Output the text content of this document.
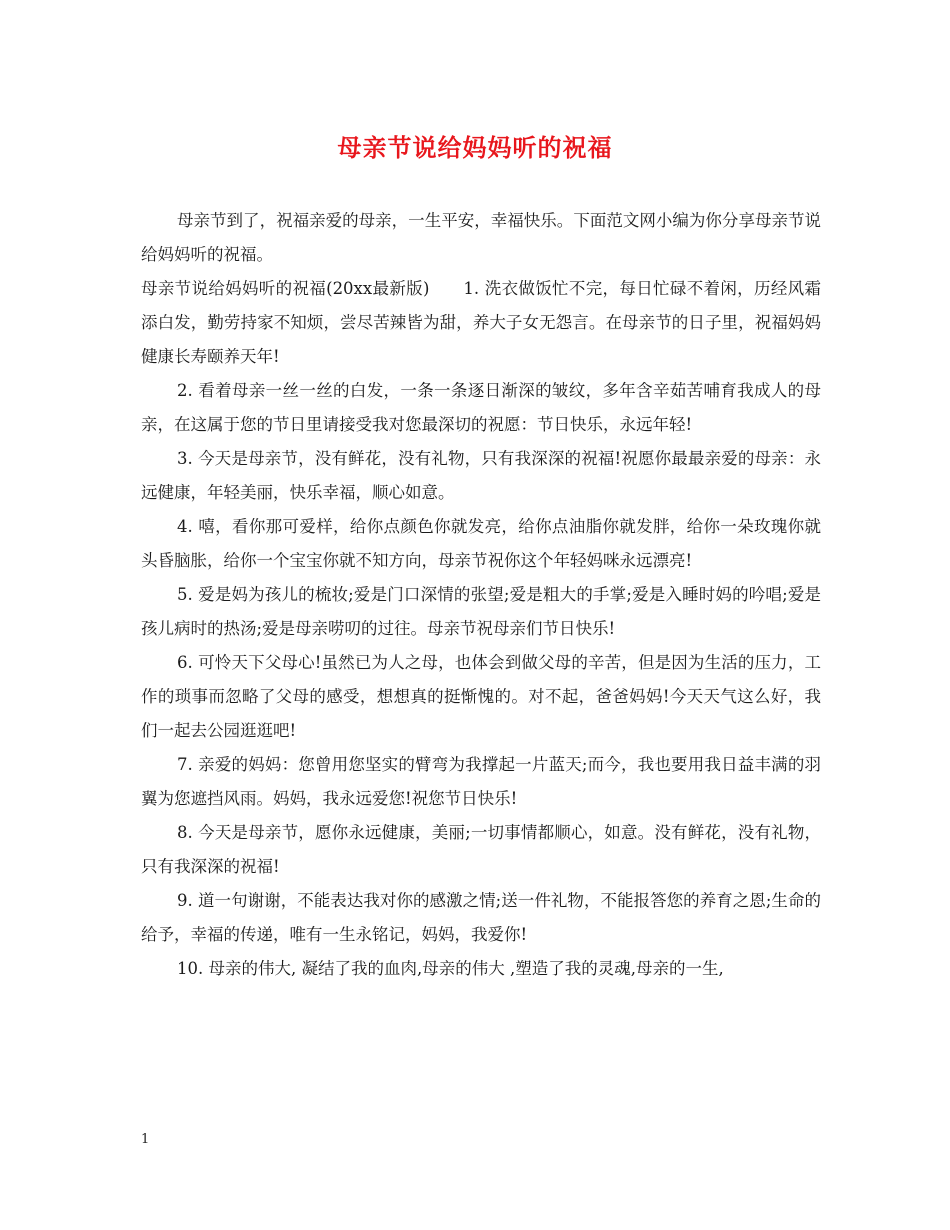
母亲节说给妈妈听的祝福

母亲节到了，祝福亲爱的母亲，一生平安，幸福快乐。下面范文网小编为你分享母亲节说给妈妈听的祝福。

母亲节说给妈妈听的祝福(20xx最新版)　　1. 洗衣做饭忙不完，每日忙碌不着闲，历经风霜添白发，勤劳持家不知烦，尝尽苦辣皆为甜，养大子女无怨言。在母亲节的日子里，祝福妈妈健康长寿颐养天年!

2. 看着母亲一丝一丝的白发，一条一条逐日渐深的皱纹，多年含辛茹苦哺育我成人的母亲，在这属于您的节日里请接受我对您最深切的祝愿：节日快乐，永远年轻!

3. 今天是母亲节，没有鲜花，没有礼物，只有我深深的祝福!祝愿你最最亲爱的母亲：永远健康，年轻美丽，快乐幸福，顺心如意。

4. 嘻，看你那可爱样，给你点颜色你就发亮，给你点油脂你就发胖，给你一朵玫瑰你就头昏脑胀，给你一个宝宝你就不知方向，母亲节祝你这个年轻妈咪永远漂亮!

5. 爱是妈为孩儿的梳妆;爱是门口深情的张望;爱是粗大的手掌;爱是入睡时妈的吟唱;爱是孩儿病时的热汤;爱是母亲唠叨的过往。母亲节祝母亲们节日快乐!

6. 可怜天下父母心!虽然已为人之母，也体会到做父母的辛苦，但是因为生活的压力，工作的琐事而忽略了父母的感受，想想真的挺惭愧的。对不起，爸爸妈妈!今天天气这么好，我们一起去公园逛逛吧!

7. 亲爱的妈妈：您曾用您坚实的臂弯为我撑起一片蓝天;而今，我也要用我日益丰满的羽翼为您遮挡风雨。妈妈，我永远爱您!祝您节日快乐!

8. 今天是母亲节，愿你永远健康，美丽;一切事情都顺心，如意。没有鲜花，没有礼物，只有我深深的祝福!

9. 道一句谢谢，不能表达我对你的感激之情;送一件礼物，不能报答您的养育之恩;生命的给予，幸福的传递，唯有一生永铭记，妈妈，我爱你!

10. 母亲的伟大, 凝结了我的血肉,母亲的伟大 ,塑造了我的灵魂,母亲的一生,

1
